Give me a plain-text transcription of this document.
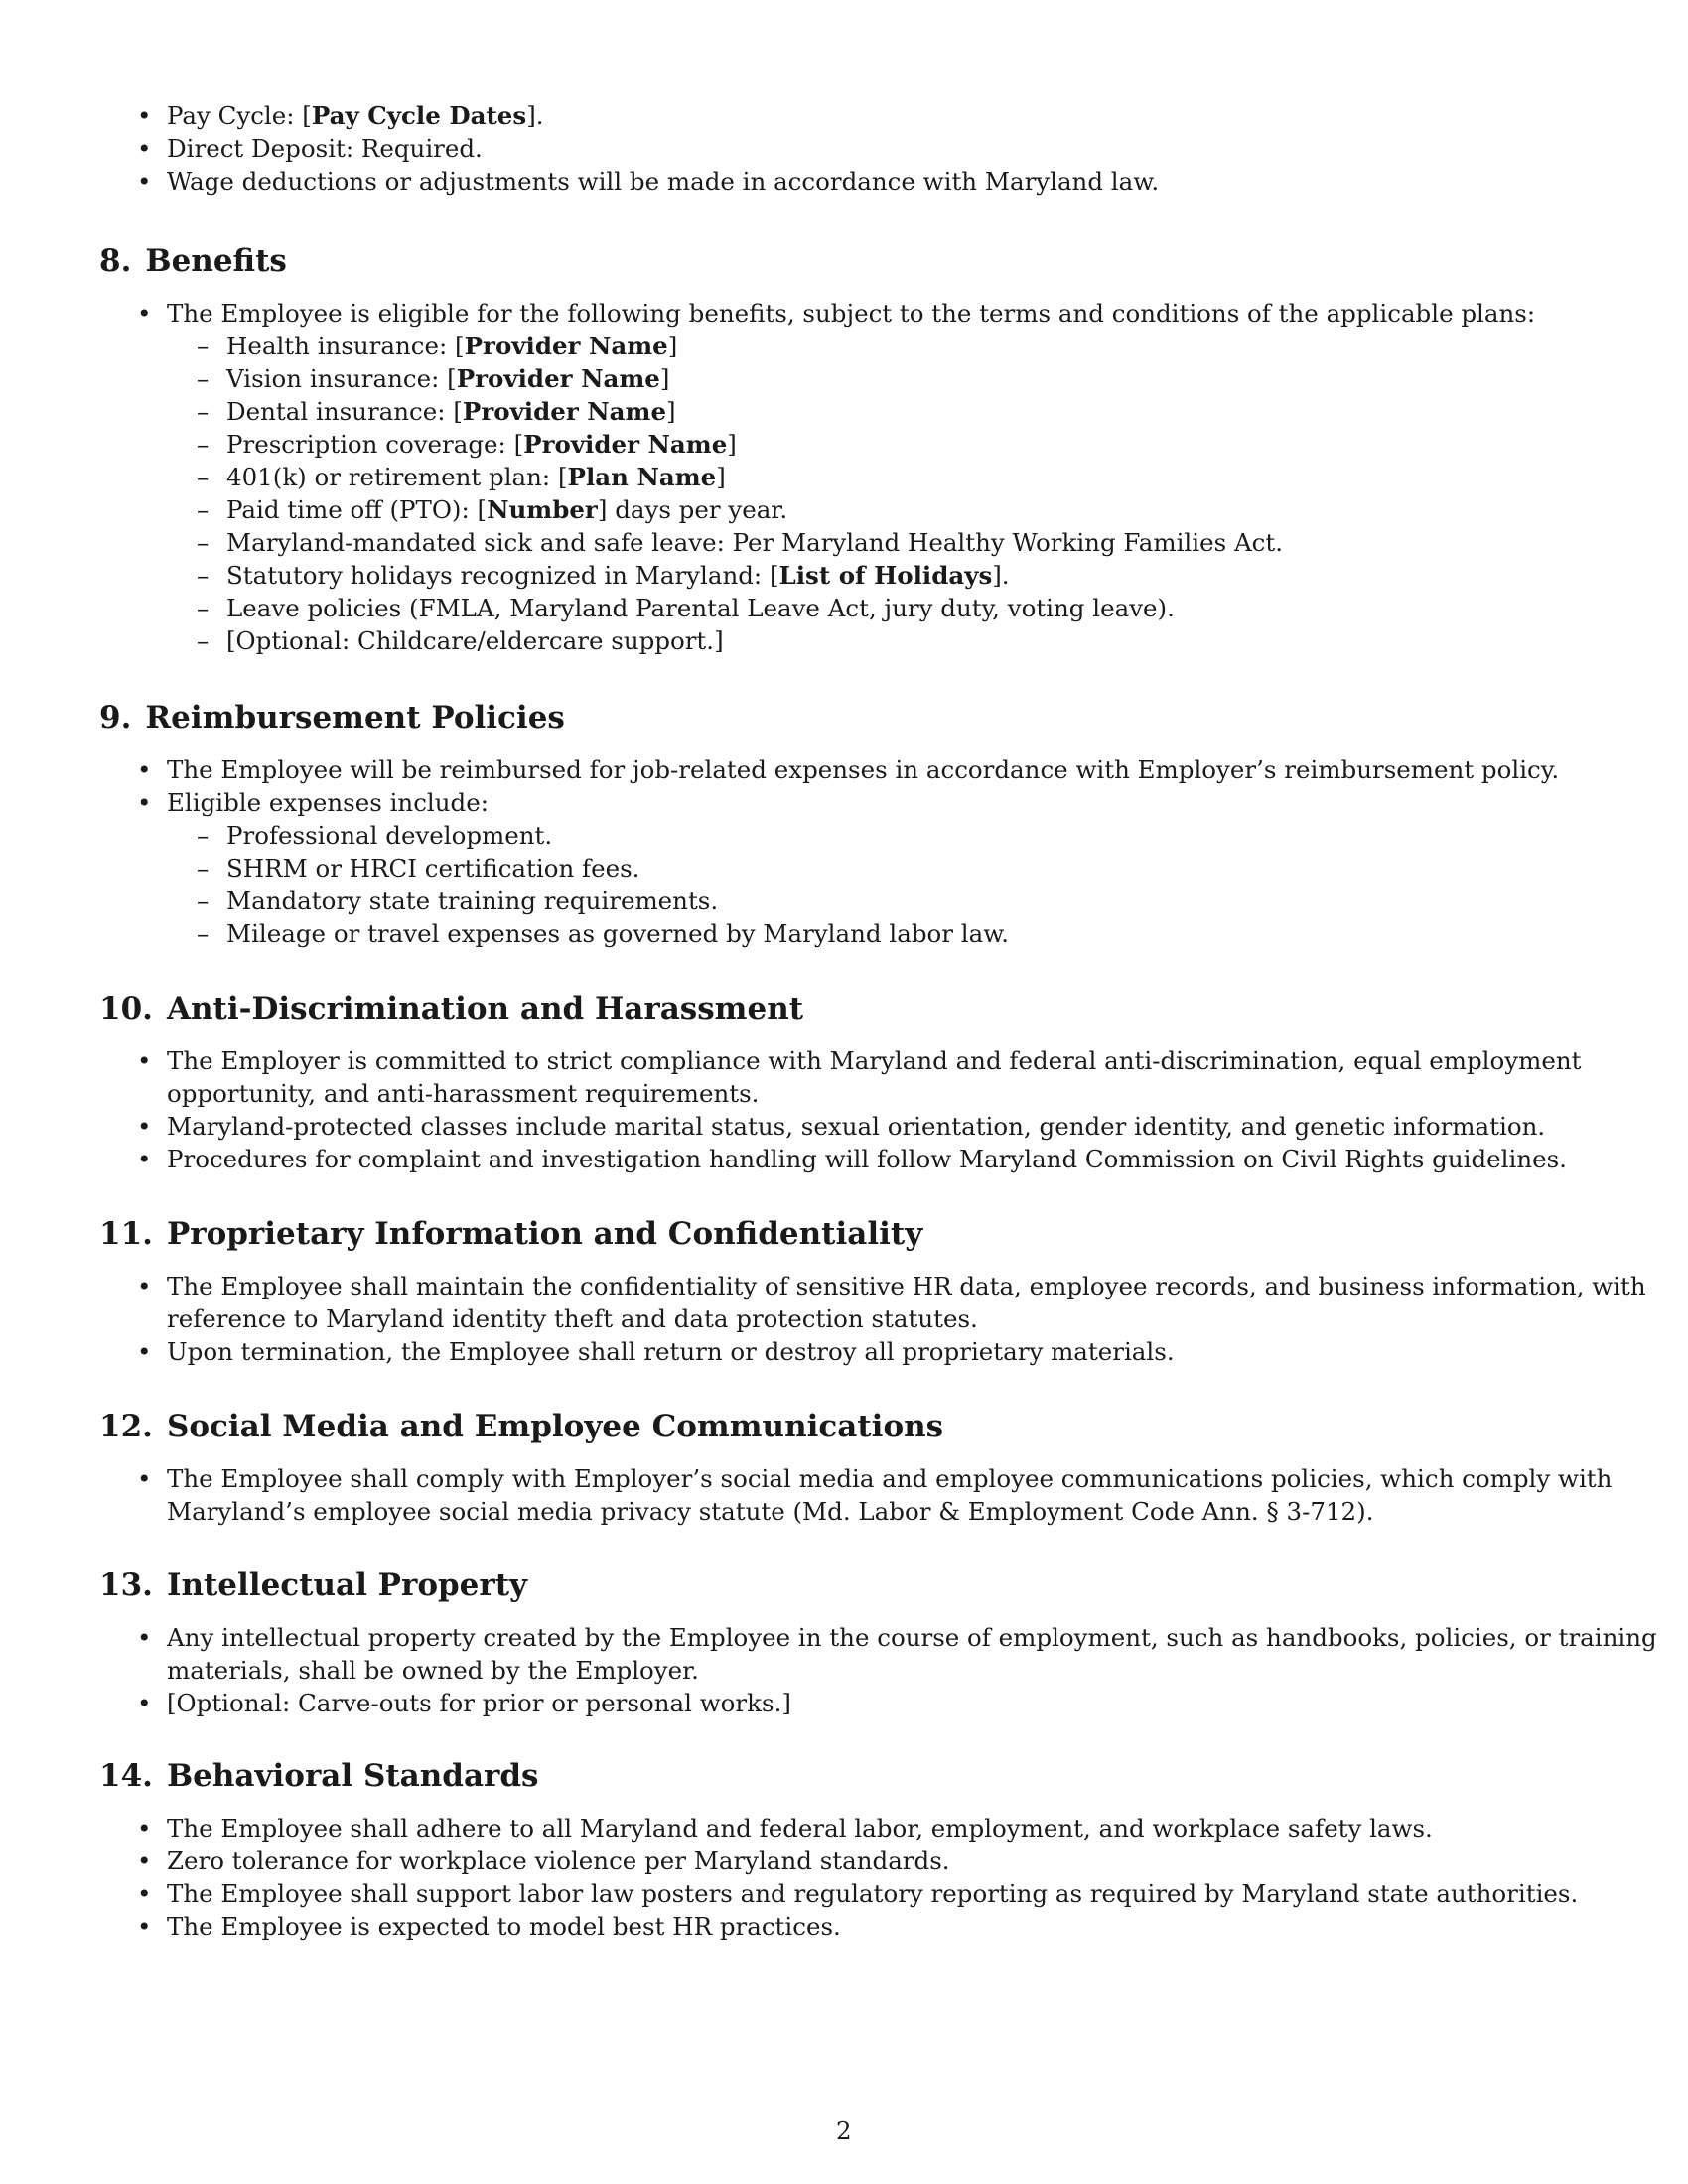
2
• Pay Cycle: [Pay Cycle Dates].
• Direct Deposit: Required.
• Wage deductions or adjustments will be made in accordance with Maryland law.
8. Benefits
• The Employee is eligible for the following benefits, subject to the terms and conditions of the applicable plans:
– Health insurance: [Provider Name]
– Vision insurance: [Provider Name]
– Dental insurance: [Provider Name]
– Prescription coverage: [Provider Name]
– 401(k) or retirement plan: [Plan Name]
– Paid time off (PTO): [Number] days per year.
– Maryland-mandated sick and safe leave: Per Maryland Healthy Working Families Act.
– Statutory holidays recognized in Maryland: [List of Holidays].
– Leave policies (FMLA, Maryland Parental Leave Act, jury duty, voting leave).
– [Optional: Childcare/eldercare support.]
9. Reimbursement Policies
• The Employee will be reimbursed for job-related expenses in accordance with Employer’s reimbursement policy.
• Eligible expenses include:
– Professional development.
– SHRM or HRCI certification fees.
– Mandatory state training requirements.
– Mileage or travel expenses as governed by Maryland labor law.
10. Anti-Discrimination and Harassment
• The Employer is committed to strict compliance with Maryland and federal anti-discrimination, equal employment
opportunity, and anti-harassment requirements.
• Maryland-protected classes include marital status, sexual orientation, gender identity, and genetic information.
• Procedures for complaint and investigation handling will follow Maryland Commission on Civil Rights guidelines.
11. Proprietary Information and Confidentiality
• The Employee shall maintain the confidentiality of sensitive HR data, employee records, and business information, with
reference to Maryland identity theft and data protection statutes.
• Upon termination, the Employee shall return or destroy all proprietary materials.
12. Social Media and Employee Communications
• The Employee shall comply with Employer’s social media and employee communications policies, which comply with
Maryland’s employee social media privacy statute (Md. Labor & Employment Code Ann. § 3-712).
13. Intellectual Property
• Any intellectual property created by the Employee in the course of employment, such as handbooks, policies, or training
materials, shall be owned by the Employer.
• [Optional: Carve-outs for prior or personal works.]
14. Behavioral Standards
• The Employee shall adhere to all Maryland and federal labor, employment, and workplace safety laws.
• Zero tolerance for workplace violence per Maryland standards.
• The Employee shall support labor law posters and regulatory reporting as required by Maryland state authorities.
• The Employee is expected to model best HR practices.
